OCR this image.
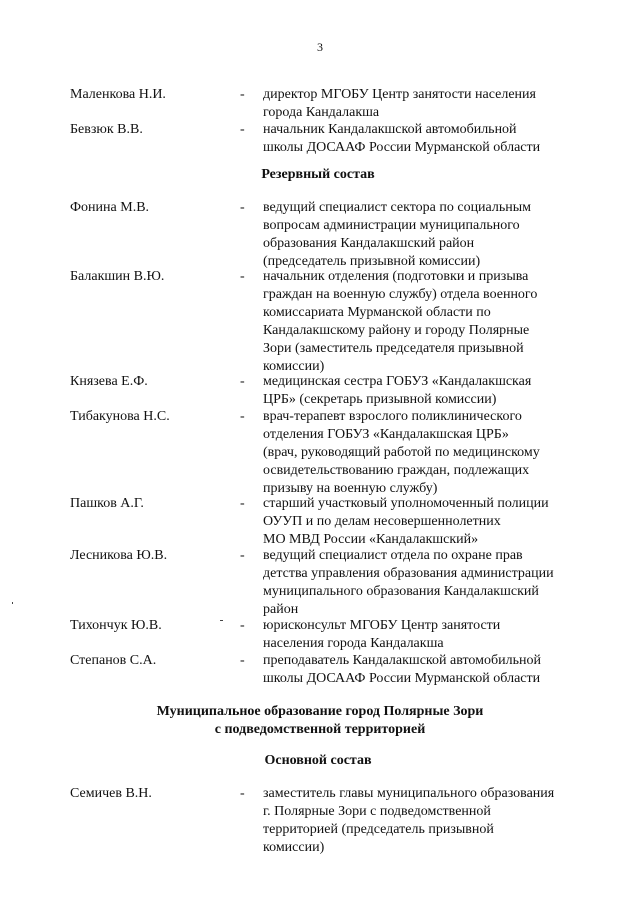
3
Маленкова Н.И.	- директор МГОБУ Центр занятости населения
города Кандалакша
Бевзюк В.В.	- начальник Кандалакшской автомобильной
школы ДОСААФ России Мурманской области
Резервный состав
Фонина М.В.	- ведущий специалист сектора по социальным
вопросам администрации муниципального
образования Кандалакшский район
(председатель призывной комиссии)
Балакшин В.Ю.	- начальник отделения (подготовки и призыва
граждан на военную службу) отдела военного
комиссариата Мурманской области по
Кандалакшскому району и городу Полярные
Зори (заместитель председателя призывной
комиссии)
Князева Е.Ф.	- медицинская сестра ГОБУЗ «Кандалакшская
ЦРБ» (секретарь призывной комиссии)
Тибакунова Н.С.	- врач-терапевт взрослого поликлинического
отделения ГОБУЗ «Кандалакшская ЦРБ»
(врач, руководящий работой по медицинскому
освидетельствованию граждан, подлежащих
призыву на военную службу)
Пашков А.Г.	- старший участковый уполномоченный полиции
ОУУП и по делам несовершеннолетних
МО МВД России «Кандалакшский»
Лесникова Ю.В.	- ведущий специалист отдела по охране прав
детства управления образования администрации
муниципального образования Кандалакшский
район
Тихончук Ю.В.	- юрисконсульт МГОБУ Центр занятости
населения города Кандалакша
Степанов С.А.	- преподаватель Кандалакшской автомобильной
школы ДОСААФ России Мурманской области
Муниципальное образование город Полярные Зори
с подведомственной территорией
Основной состав
Семичев В.Н.	- заместитель главы муниципального образования
г. Полярные Зори с подведомственной
территорией (председатель призывной
комиссии)
